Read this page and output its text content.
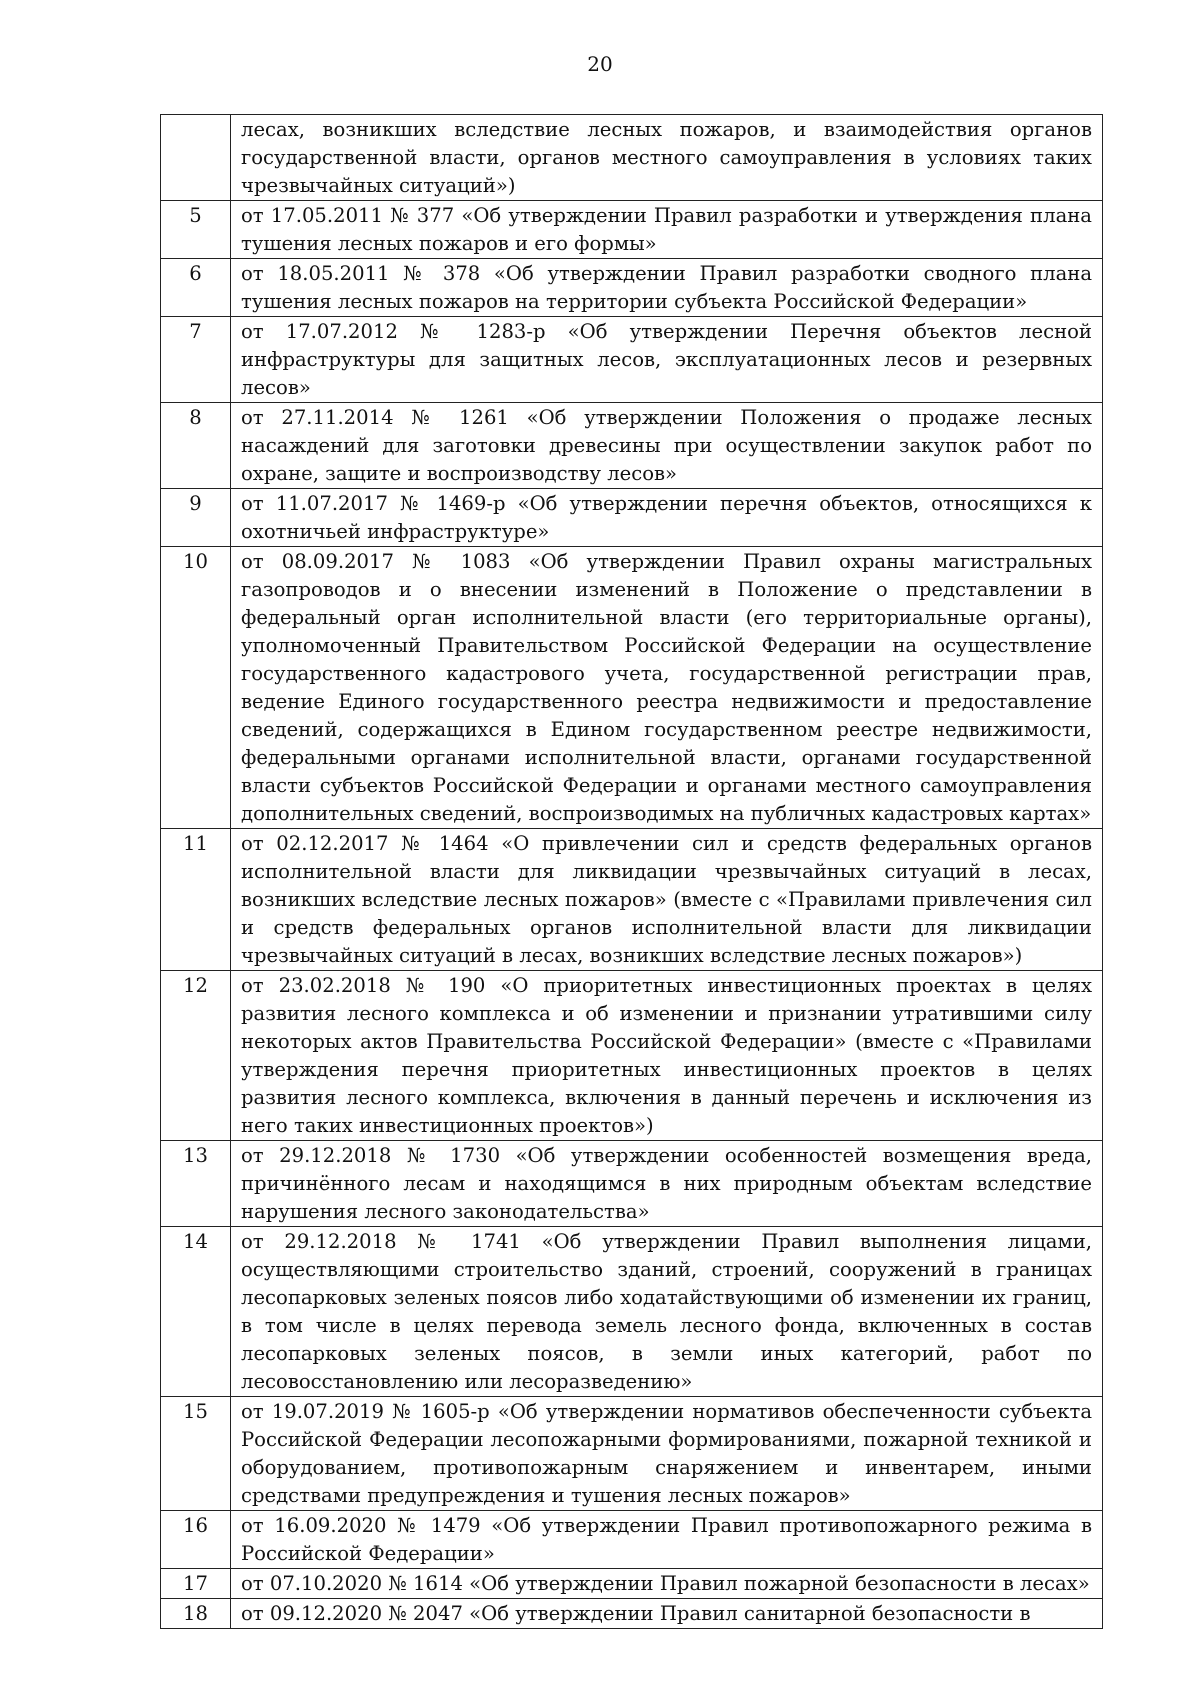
20
	лесах, возникших вследствие лесных пожаров, и взаимодействия органов государственной власти, органов местного самоуправления в условиях таких чрезвычайных ситуаций»)
5	от 17.05.2011 № 377 «Об утверждении Правил разработки и утверждения плана тушения лесных пожаров и его формы»
6	от 18.05.2011 № 378 «Об утверждении Правил разработки сводного плана тушения лесных пожаров на территории субъекта Российской Федерации»
7	от 17.07.2012 № 1283-р «Об утверждении Перечня объектов лесной инфраструктуры для защитных лесов, эксплуатационных лесов и резервных лесов»
8	от 27.11.2014 № 1261 «Об утверждении Положения о продаже лесных насаждений для заготовки древесины при осуществлении закупок работ по охране, защите и воспроизводству лесов»
9	от 11.07.2017 № 1469-р «Об утверждении перечня объектов, относящихся к охотничьей инфраструктуре»
10	от 08.09.2017 № 1083 «Об утверждении Правил охраны магистральных газопроводов и о внесении изменений в Положение о представлении в федеральный орган исполнительной власти (его территориальные органы), уполномоченный Правительством Российской Федерации на осуществление государственного кадастрового учета, государственной регистрации прав, ведение Единого государственного реестра недвижимости и предоставление сведений, содержащихся в Едином государственном реестре недвижимости, федеральными органами исполнительной власти, органами государственной власти субъектов Российской Федерации и органами местного самоуправления дополнительных сведений, воспроизводимых на публичных кадастровых картах»
11	от 02.12.2017 № 1464 «О привлечении сил и средств федеральных органов исполнительной власти для ликвидации чрезвычайных ситуаций в лесах, возникших вследствие лесных пожаров» (вместе с «Правилами привлечения сил и средств федеральных органов исполнительной власти для ликвидации чрезвычайных ситуаций в лесах, возникших вследствие лесных пожаров»)
12	от 23.02.2018 № 190 «О приоритетных инвестиционных проектах в целях развития лесного комплекса и об изменении и признании утратившими силу некоторых актов Правительства Российской Федерации» (вместе с «Правилами утверждения перечня приоритетных инвестиционных проектов в целях развития лесного комплекса, включения в данный перечень и исключения из него таких инвестиционных проектов»)
13	от 29.12.2018 № 1730 «Об утверждении особенностей возмещения вреда, причинённого лесам и находящимся в них природным объектам вследствие нарушения лесного законодательства»
14	от 29.12.2018 № 1741 «Об утверждении Правил выполнения лицами, осуществляющими строительство зданий, строений, сооружений в границах лесопарковых зеленых поясов либо ходатайствующими об изменении их границ, в том числе в целях перевода земель лесного фонда, включенных в состав лесопарковых зеленых поясов, в земли иных категорий, работ по лесовосстановлению или лесоразведению»
15	от 19.07.2019 № 1605-р «Об утверждении нормативов обеспеченности субъекта Российской Федерации лесопожарными формированиями, пожарной техникой и оборудованием, противопожарным снаряжением и инвентарем, иными средствами предупреждения и тушения лесных пожаров»
16	от 16.09.2020 № 1479 «Об утверждении Правил противопожарного режима в Российской Федерации»
17	от 07.10.2020 № 1614 «Об утверждении Правил пожарной безопасности в лесах»
18	от 09.12.2020 № 2047 «Об утверждении Правил санитарной безопасности в
